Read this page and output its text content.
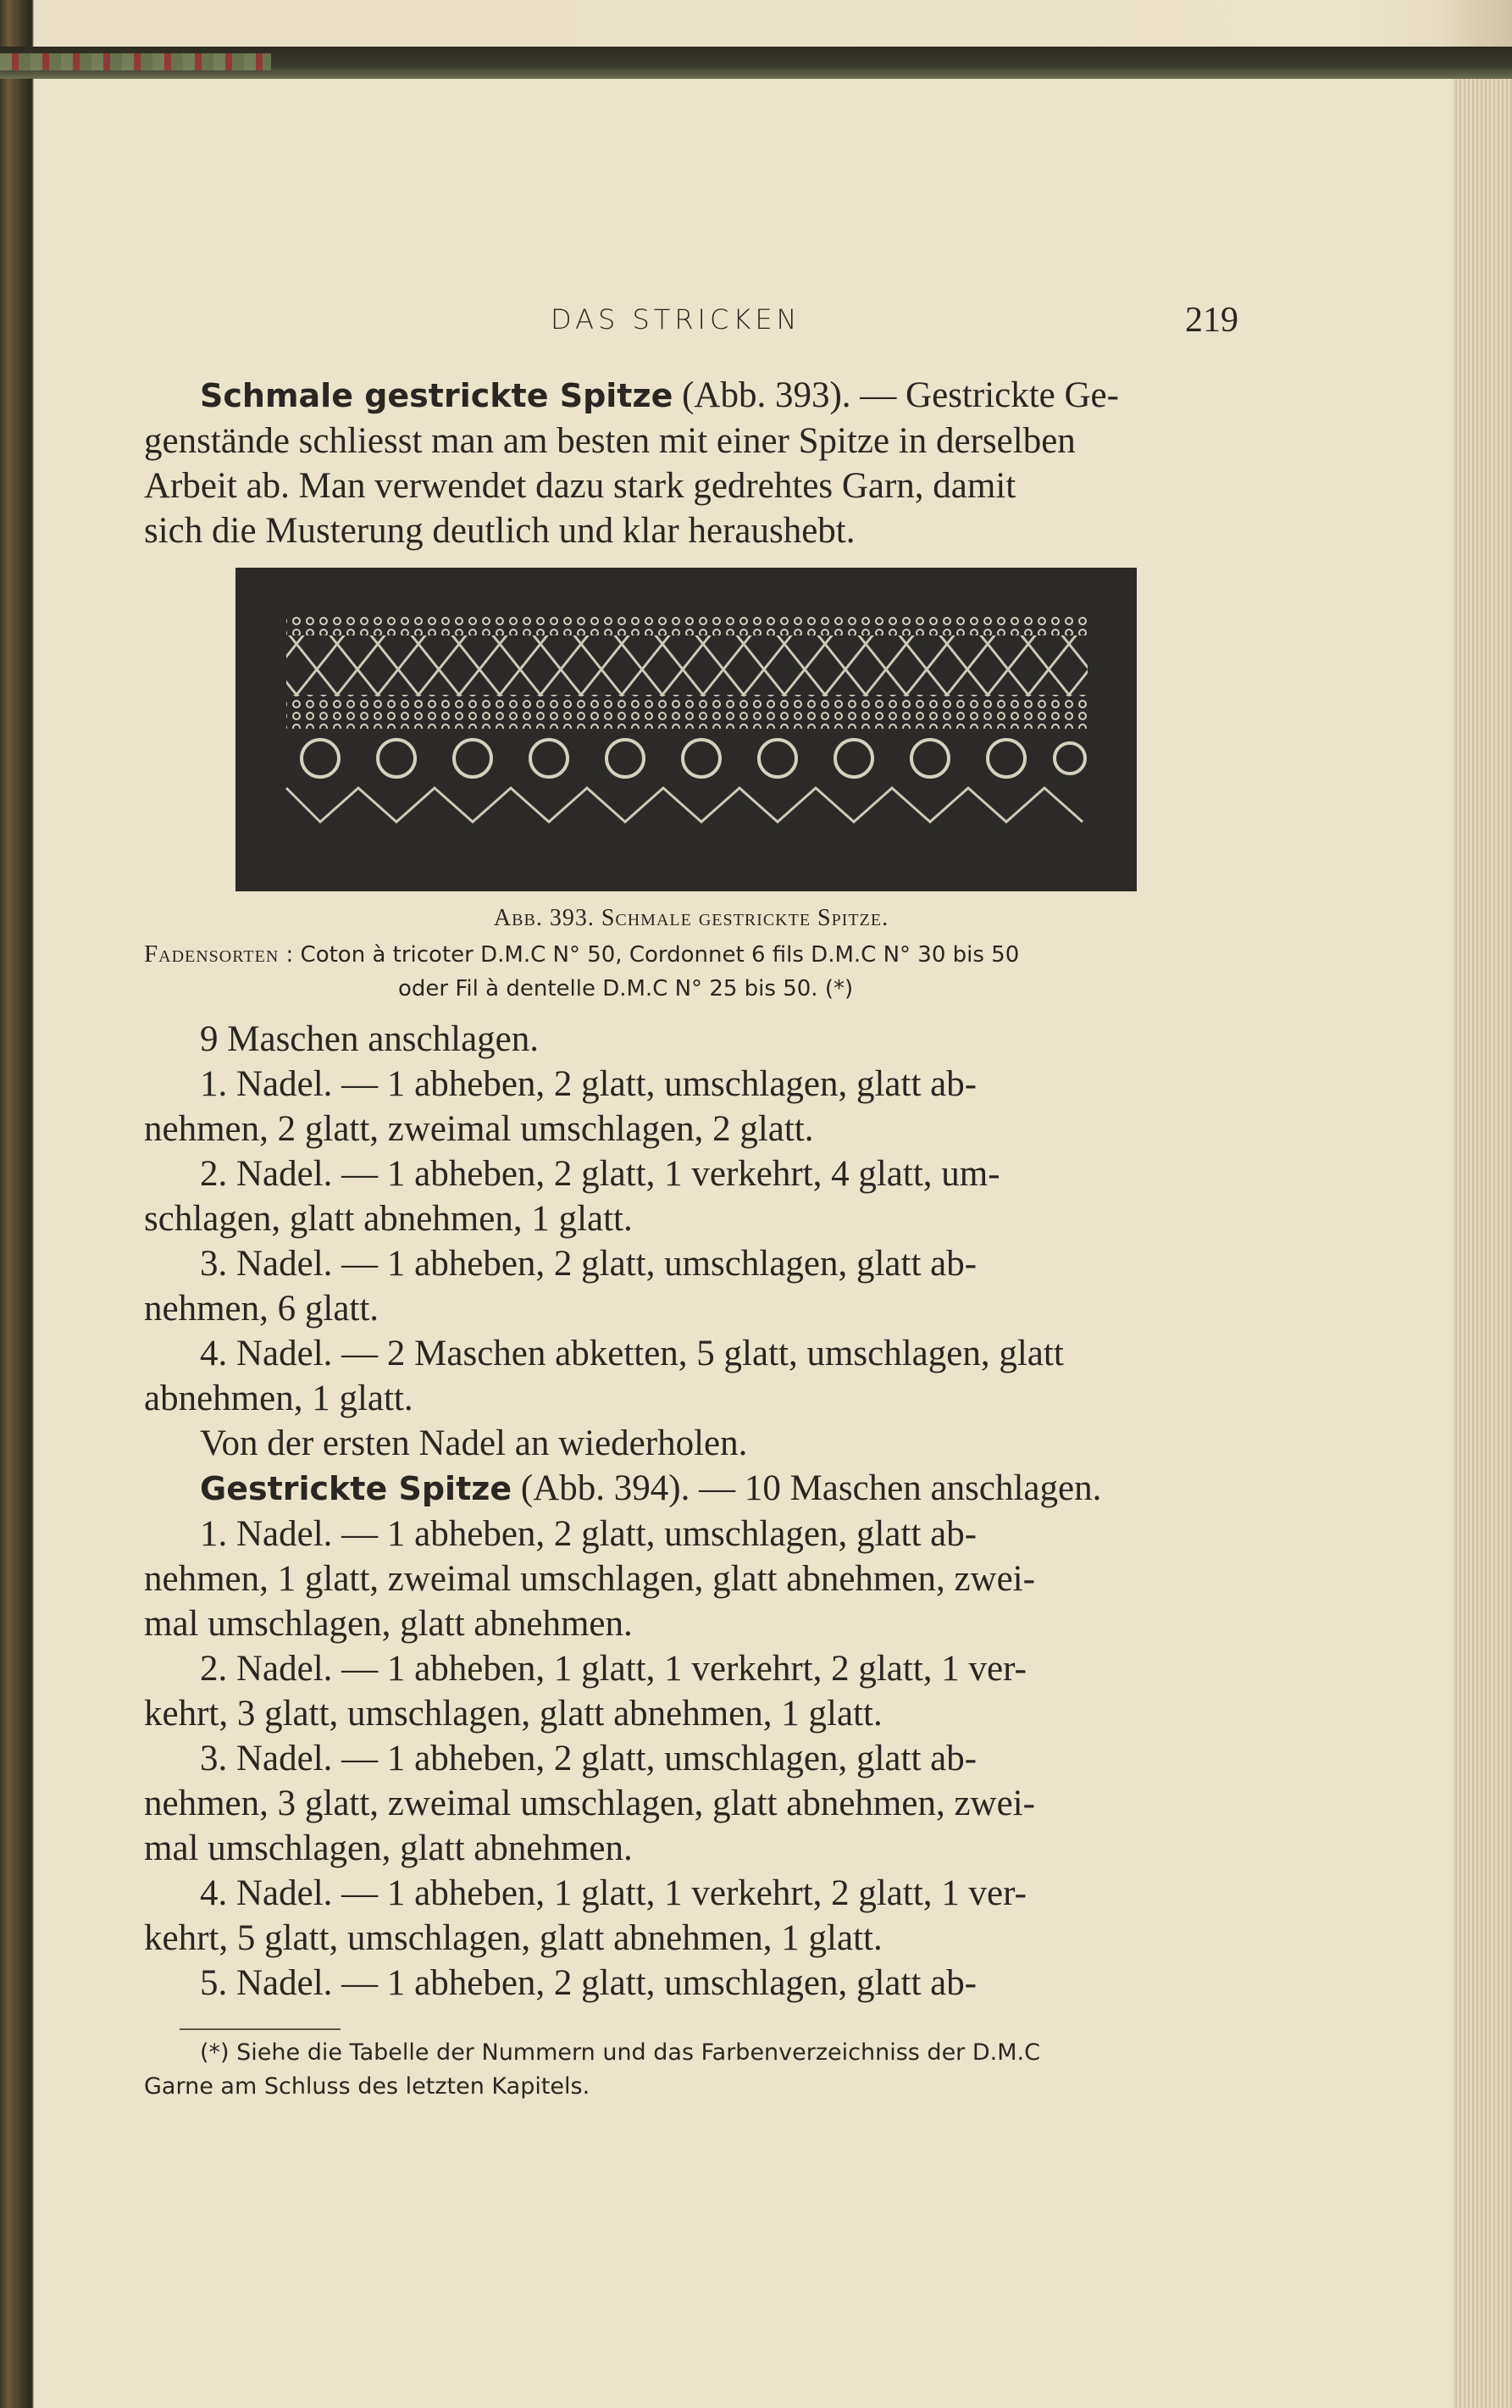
DAS STRICKEN	219

Schmale gestrickte Spitze (Abb. 393). — Gestrickte Ge-

genstände schliesst man am besten mit einer Spitze in derselben

Arbeit ab. Man verwendet dazu stark gedrehtes Garn, damit

sich die Musterung deutlich und klar heraushebt.

Abb. 393. Schmale gestrickte Spitze.
Fadensorten : Coton à tricoter D.M.C N° 50, Cordonnet 6 fils D.M.C N° 30 bis 50
oder Fil à dentelle D.M.C N° 25 bis 50. (*)

9 Maschen anschlagen.

1. Nadel. — 1 abheben, 2 glatt, umschlagen, glatt ab-

nehmen, 2 glatt, zweimal umschlagen, 2 glatt.

2. Nadel. — 1 abheben, 2 glatt, 1 verkehrt, 4 glatt, um-

schlagen, glatt abnehmen, 1 glatt.

3. Nadel. — 1 abheben, 2 glatt, umschlagen, glatt ab-

nehmen, 6 glatt.

4. Nadel. — 2 Maschen abketten, 5 glatt, umschlagen, glatt

abnehmen, 1 glatt.

Von der ersten Nadel an wiederholen.

Gestrickte Spitze (Abb. 394). — 10 Maschen anschlagen.

1. Nadel. — 1 abheben, 2 glatt, umschlagen, glatt ab-

nehmen, 1 glatt, zweimal umschlagen, glatt abnehmen, zwei-

mal umschlagen, glatt abnehmen.

2. Nadel. — 1 abheben, 1 glatt, 1 verkehrt, 2 glatt, 1 ver-

kehrt, 3 glatt, umschlagen, glatt abnehmen, 1 glatt.

3. Nadel. — 1 abheben, 2 glatt, umschlagen, glatt ab-

nehmen, 3 glatt, zweimal umschlagen, glatt abnehmen, zwei-

mal umschlagen, glatt abnehmen.

4. Nadel. — 1 abheben, 1 glatt, 1 verkehrt, 2 glatt, 1 ver-

kehrt, 5 glatt, umschlagen, glatt abnehmen, 1 glatt.

5. Nadel. — 1 abheben, 2 glatt, umschlagen, glatt ab-

(*) Siehe die Tabelle der Nummern und das Farbenverzeichniss der D.M.C
Garne am Schluss des letzten Kapitels.
